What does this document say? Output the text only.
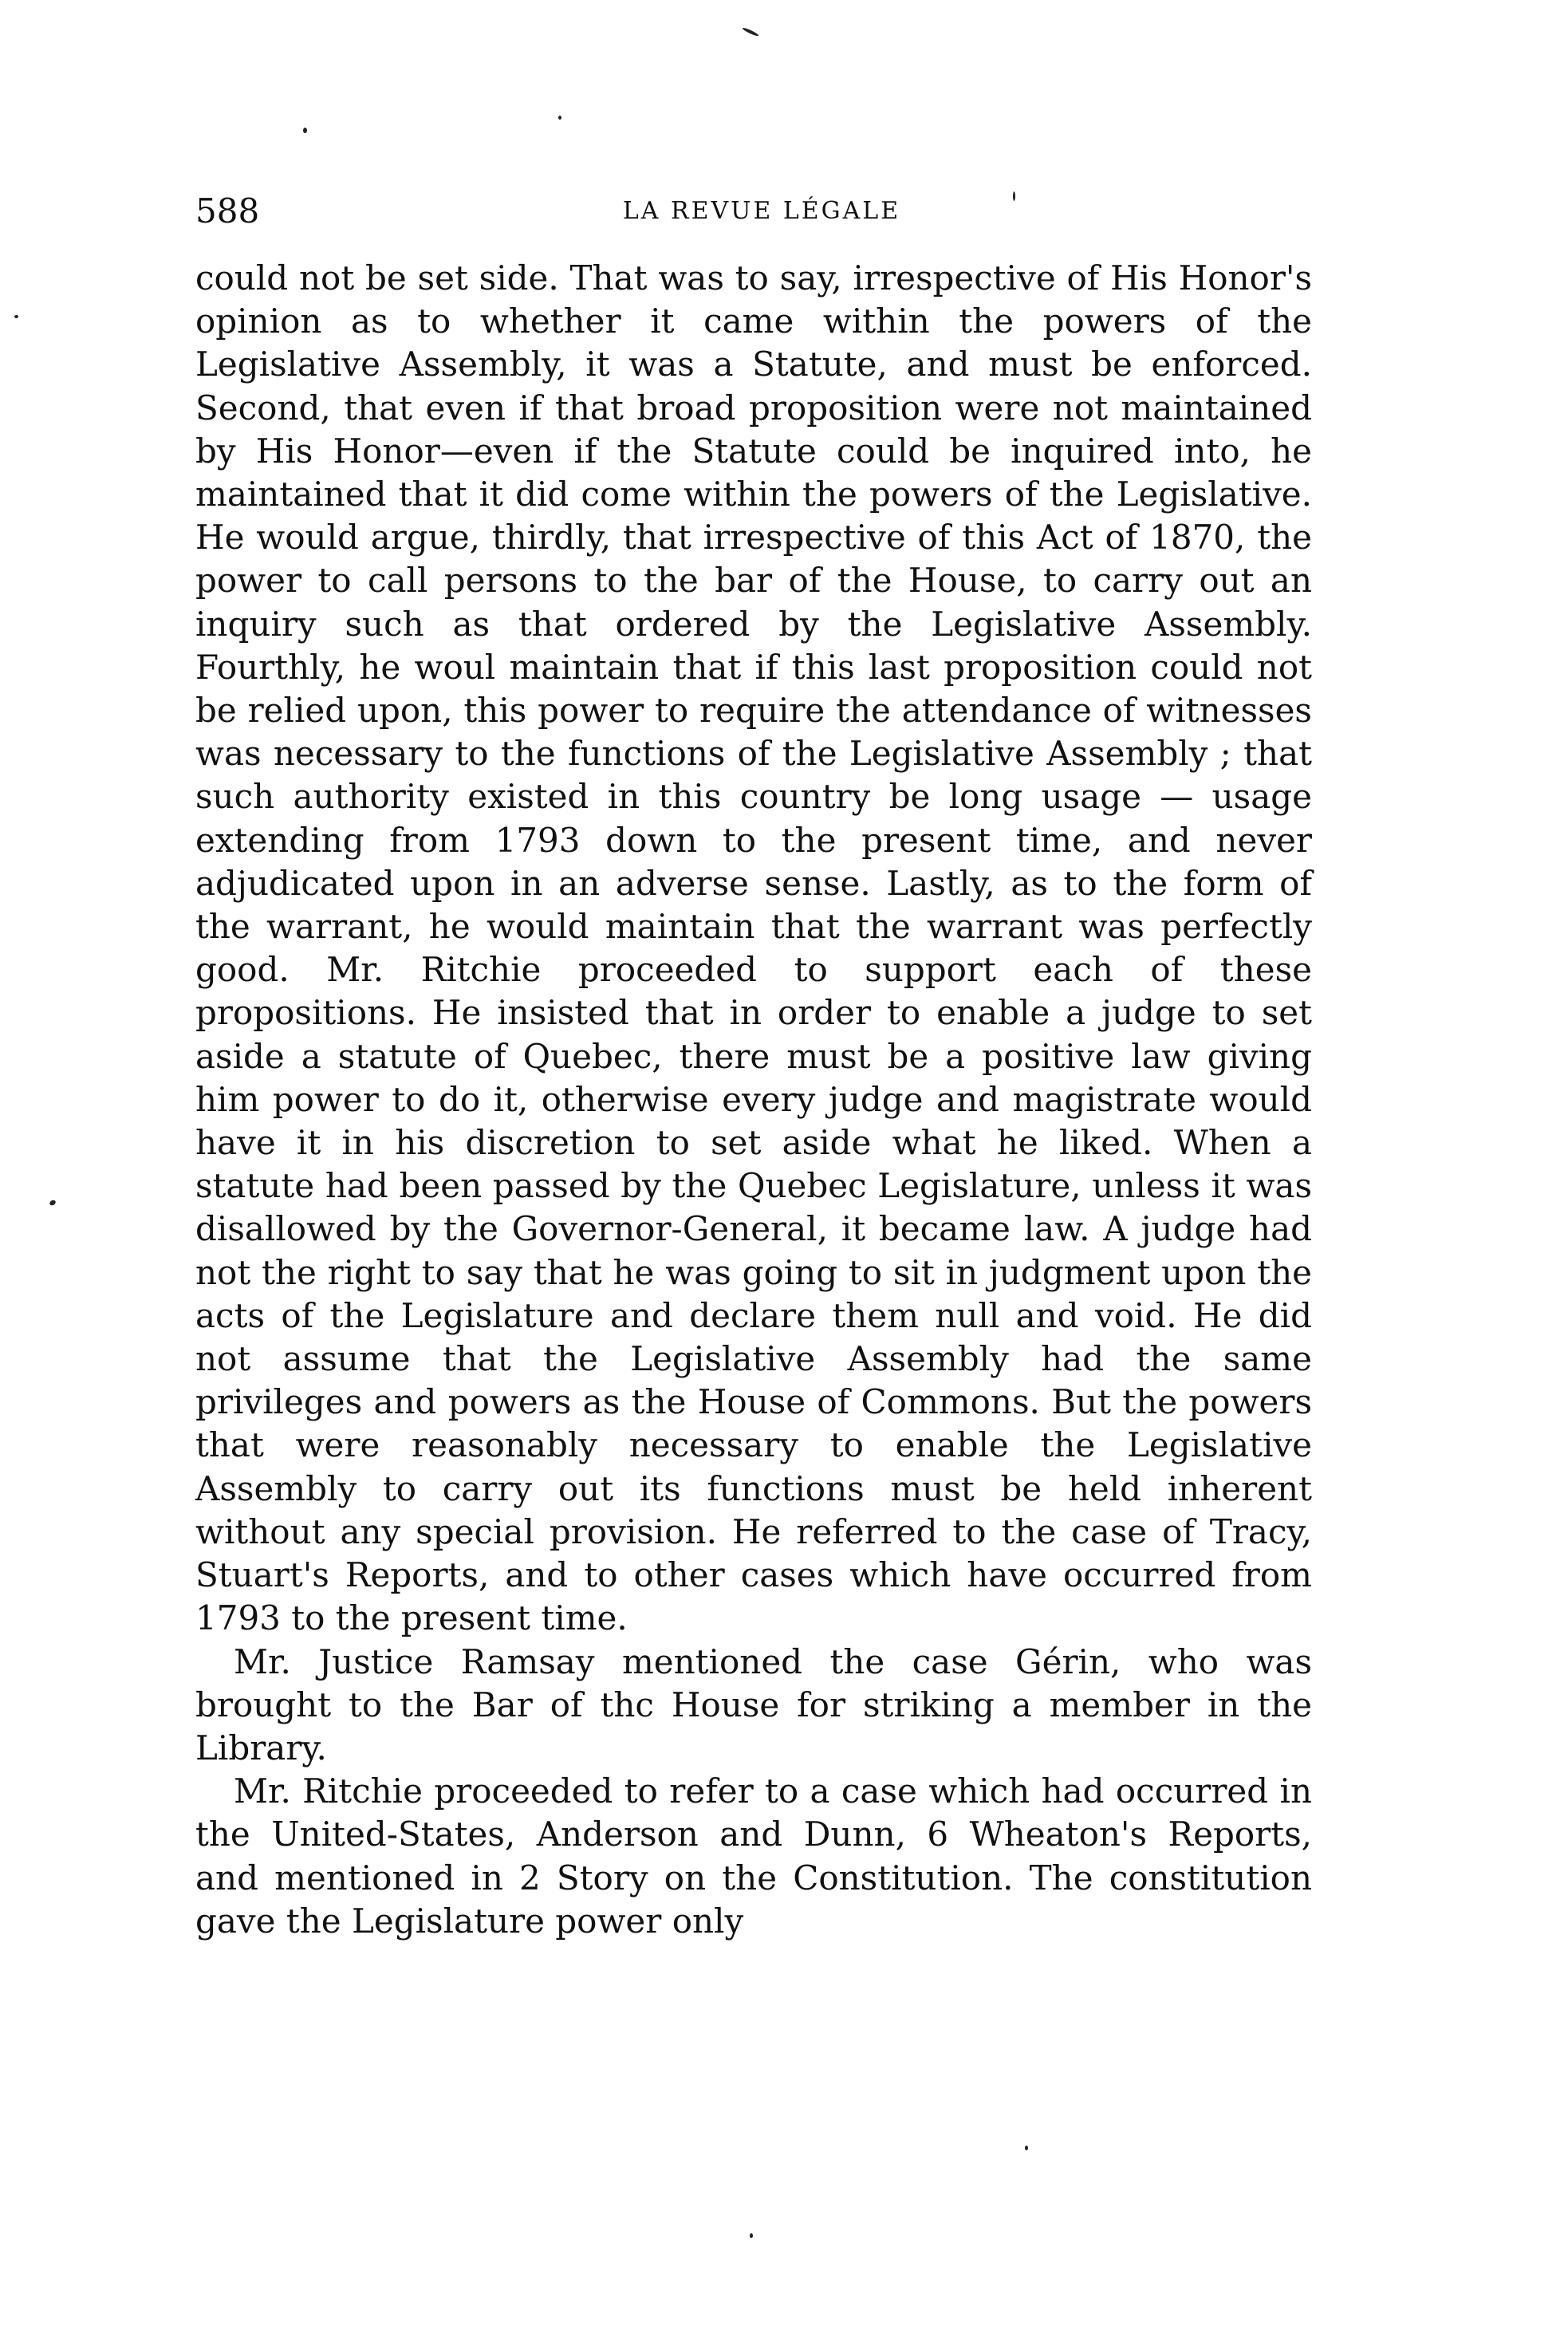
588	LA REVUE LÉGALE

could not be set side. That was to say, irrespective of His Honor's opinion as to whether it came within the powers of the Legislative Assembly, it was a Statute, and must be enforced. Second, that even if that broad proposition were not maintained by His Honor—even if the Statute could be inquired into, he maintained that it did come within the powers of the Legislative. He would argue, thirdly, that irrespective of this Act of 1870, the power to call persons to the bar of the House, to carry out an inquiry such as that ordered by the Legislative Assembly. Fourthly, he woul maintain that if this last proposition could not be relied upon, this power to require the attendance of witnesses was necessary to the functions of the Legislative Assembly ; that such authority existed in this country be long usage — usage extending from 1793 down to the present time, and never adjudicated upon in an adverse sense. Lastly, as to the form of the warrant, he would maintain that the warrant was perfectly good. Mr. Ritchie proceeded to support each of these propositions. He insisted that in order to enable a judge to set aside a statute of Quebec, there must be a positive law giving him power to do it, otherwise every judge and magistrate would have it in his discretion to set aside what he liked. When a statute had been passed by the Quebec Legislature, unless it was disallowed by the Governor-General, it became law. A judge had not the right to say that he was going to sit in judgment upon the acts of the Legislature and declare them null and void. He did not assume that the Legislative Assembly had the same privileges and powers as the House of Commons. But the powers that were reasonably necessary to enable the Legislative Assembly to carry out its functions must be held inherent without any special provision. He referred to the case of Tracy, Stuart's Reports, and to other cases which have occurred from 1793 to the present time.

Mr. Justice Ramsay mentioned the case Gérin, who was brought to the Bar of thc House for striking a member in the Library.

Mr. Ritchie proceeded to refer to a case which had occurred in the United-States, Anderson and Dunn, 6 Wheaton's Reports, and mentioned in 2 Story on the Constitution. The constitution gave the Legislature power only
